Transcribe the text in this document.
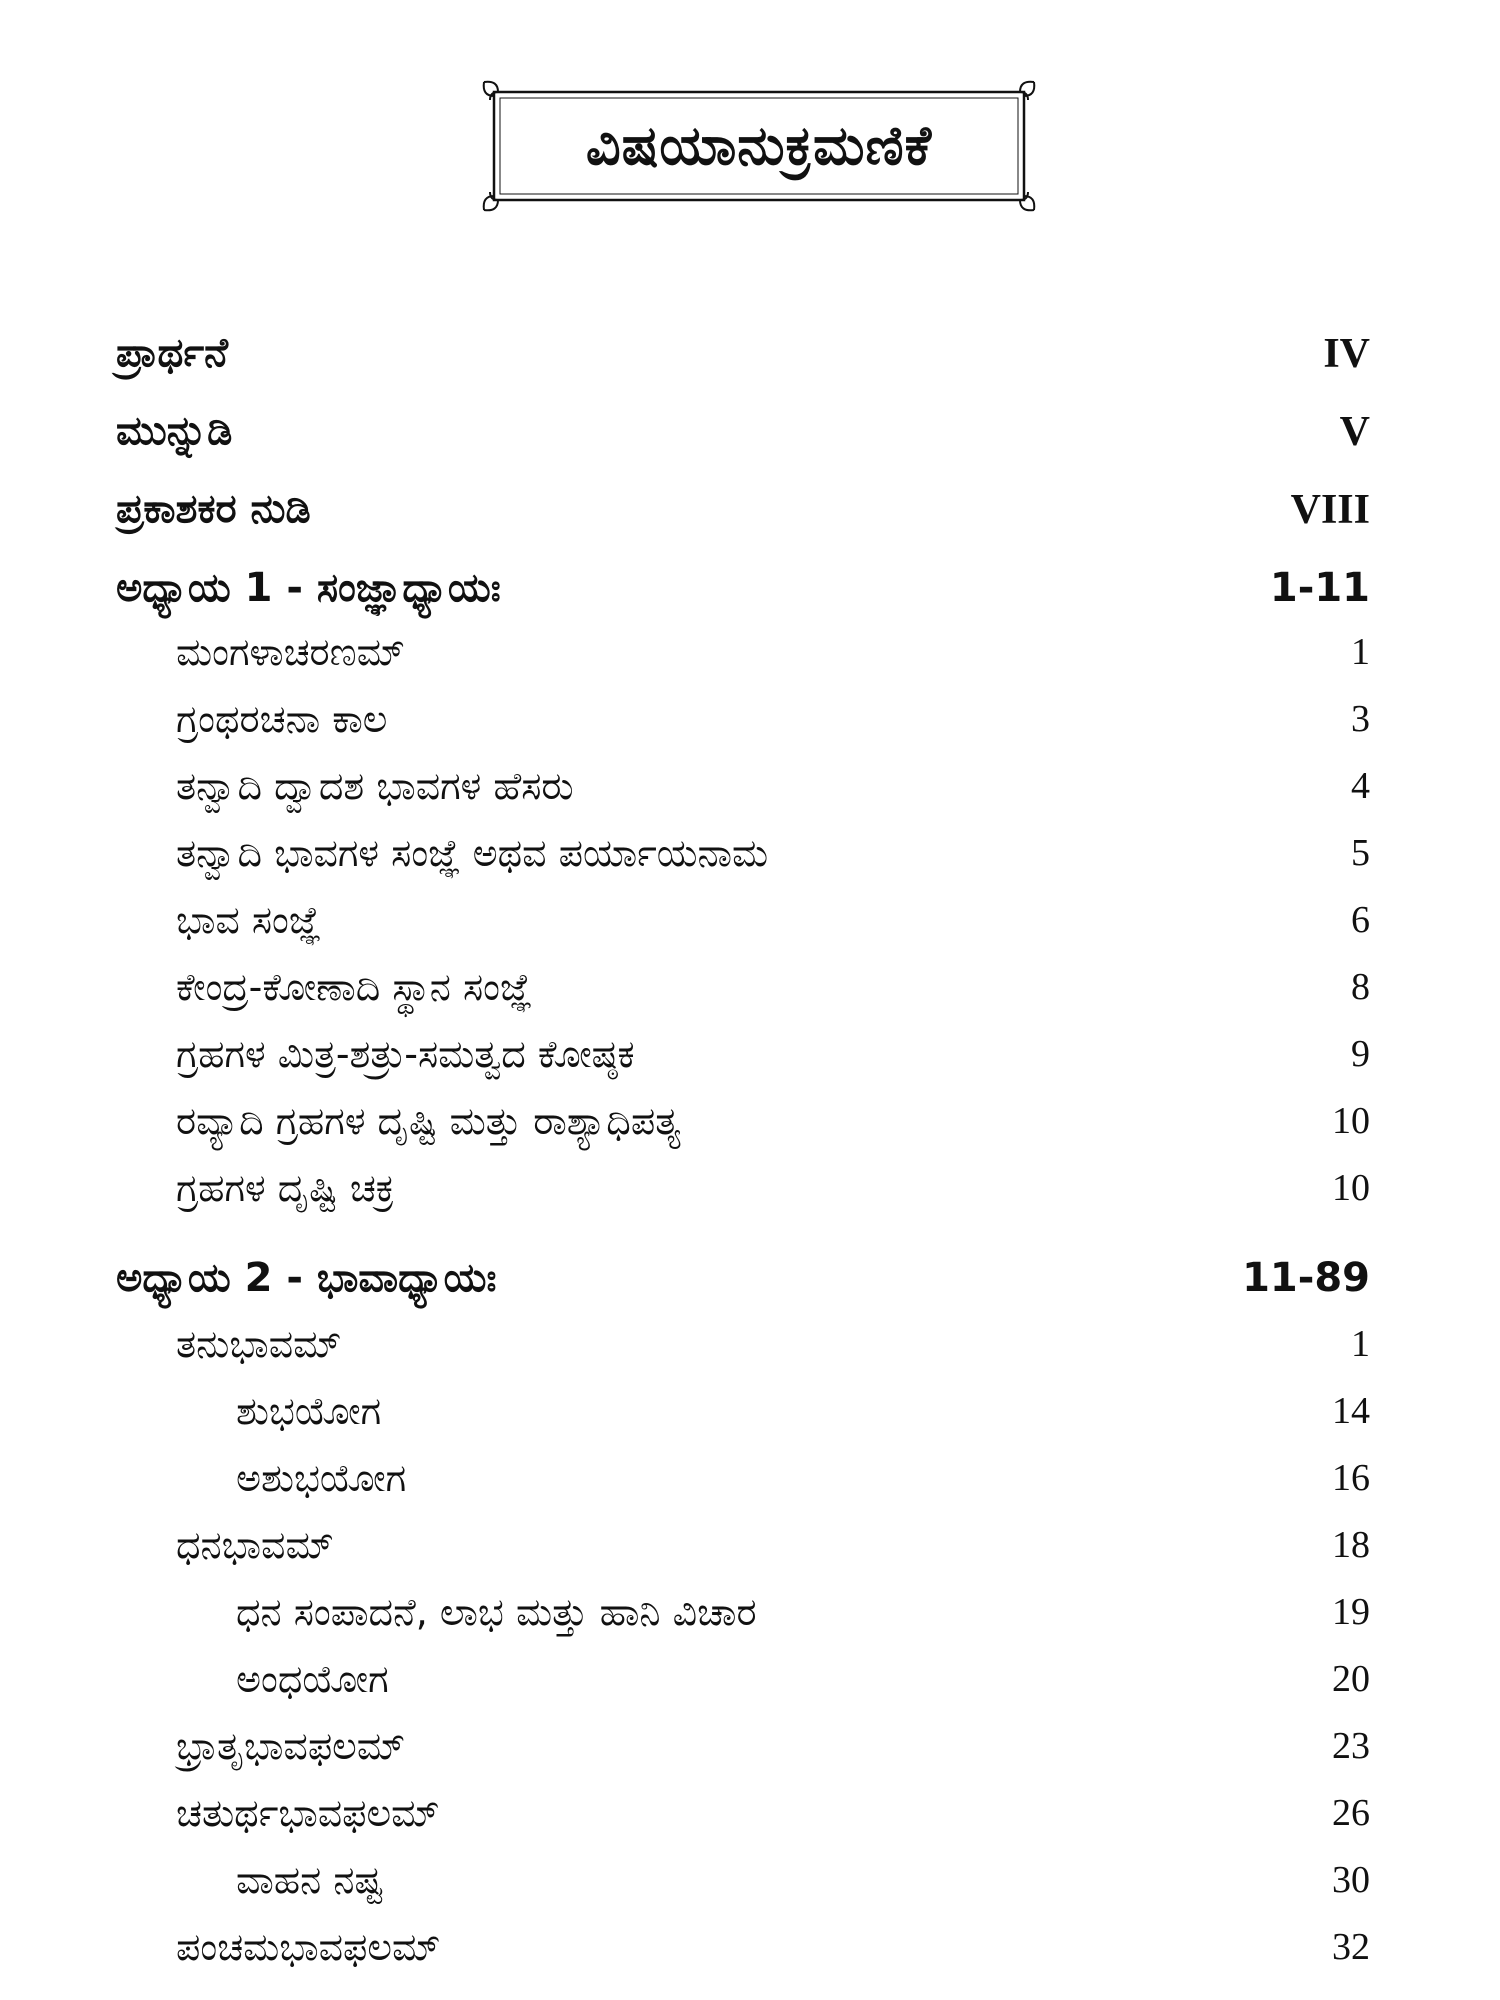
ವಿಷಯಾನುಕ್ರಮಣಿಕೆ
ಪ್ರಾರ್ಥನೆ	IV
ಮುನ್ನುಡಿ	V
ಪ್ರಕಾಶಕರ ನುಡಿ	VIII
ಅಧ್ಯಾಯ 1 - ಸಂಜ್ಞಾಧ್ಯಾಯಃ	1-11
ಮಂಗಳಾಚರಣಮ್	1
ಗ್ರಂಥರಚನಾ ಕಾಲ	3
ತನ್ವಾದಿ ದ್ವಾದಶ ಭಾವಗಳ ಹೆಸರು	4
ತನ್ವಾದಿ ಭಾವಗಳ ಸಂಜ್ಞೆ ಅಥವ ಪರ್ಯಾಯನಾಮ	5
ಭಾವ ಸಂಜ್ಞೆ	6
ಕೇಂದ್ರ-ಕೋಣಾದಿ ಸ್ಥಾನ ಸಂಜ್ಞೆ	8
ಗ್ರಹಗಳ ಮಿತ್ರ-ಶತ್ರು-ಸಮತ್ವದ ಕೋಷ್ಠಕ	9
ರವ್ಯಾದಿ ಗ್ರಹಗಳ ದೃಷ್ಟಿ ಮತ್ತು ರಾಶ್ಯಾಧಿಪತ್ಯ	10
ಗ್ರಹಗಳ ದೃಷ್ಟಿ ಚಕ್ರ	10
ಅಧ್ಯಾಯ 2 - ಭಾವಾಧ್ಯಾಯಃ	11-89
ತನುಭಾವಮ್	1
ಶುಭಯೋಗ	14
ಅಶುಭಯೋಗ	16
ಧನಭಾವಮ್	18
ಧನ ಸಂಪಾದನೆ, ಲಾಭ ಮತ್ತು ಹಾನಿ ವಿಚಾರ	19
ಅಂಧಯೋಗ	20
ಭ್ರಾತೃಭಾವಫಲಮ್	23
ಚತುರ್ಥಭಾವಫಲಮ್	26
ವಾಹನ ನಷ್ಟ	30
ಪಂಚಮಭಾವಫಲಮ್	32
